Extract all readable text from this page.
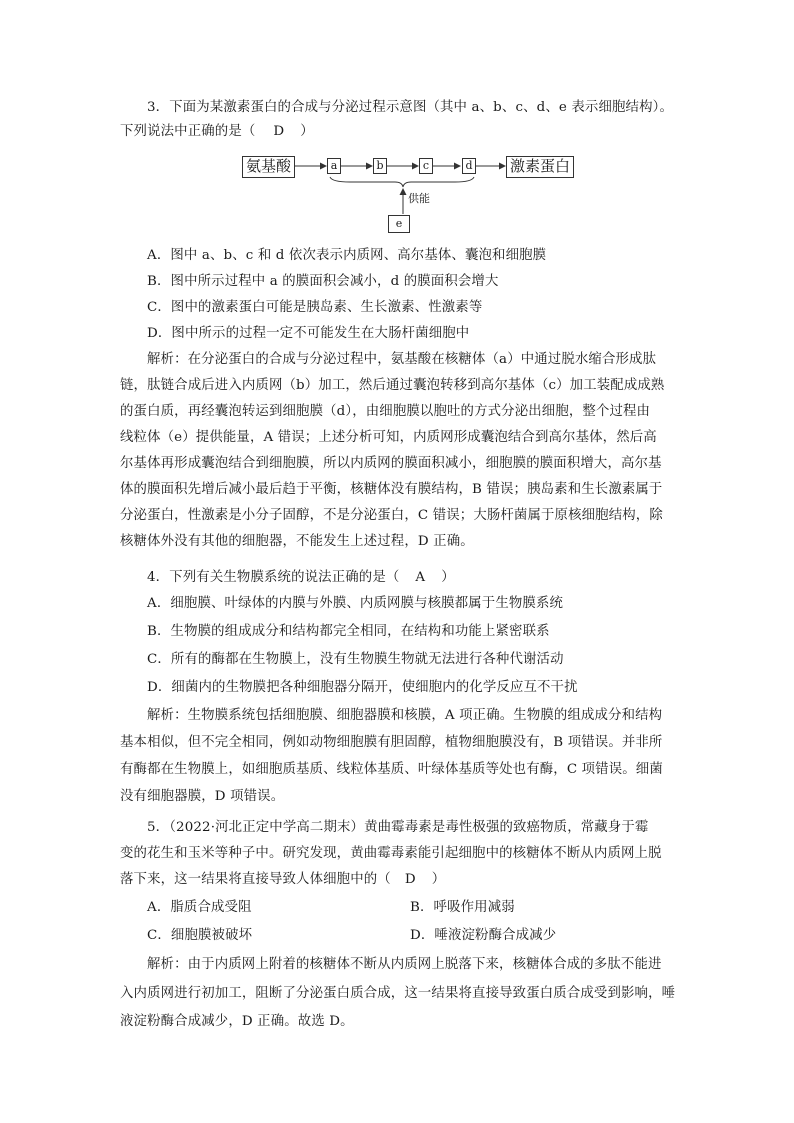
3．下面为某激素蛋白的合成与分泌过程示意图（其中 a、b、c、d、e 表示细胞结构）。
下列说法中正确的是（ D ）
氨基酸	a	b	c	d 激素蛋白
供能
e
A．图中 a、b、c 和 d 依次表示内质网、高尔基体、囊泡和细胞膜
B．图中所示过程中 a 的膜面积会减小，d 的膜面积会增大
C．图中的激素蛋白可能是胰岛素、生长激素、性激素等
D．图中所示的过程一定不可能发生在大肠杆菌细胞中
解析：在分泌蛋白的合成与分泌过程中，氨基酸在核糖体（a）中通过脱水缩合形成肽
链，肽链合成后进入内质网（b）加工，然后通过囊泡转移到高尔基体（c）加工装配成成熟
的蛋白质，再经囊泡转运到细胞膜（d），由细胞膜以胞吐的方式分泌出细胞，整个过程由
线粒体（e）提供能量，A 错误；上述分析可知，内质网形成囊泡结合到高尔基体，然后高
尔基体再形成囊泡结合到细胞膜，所以内质网的膜面积减小，细胞膜的膜面积增大，高尔基
体的膜面积先增后减小最后趋于平衡，核糖体没有膜结构，B 错误；胰岛素和生长激素属于
分泌蛋白，性激素是小分子固醇，不是分泌蛋白，C 错误；大肠杆菌属于原核细胞结构，除
核糖体外没有其他的细胞器，不能发生上述过程，D 正确。
4．下列有关生物膜系统的说法正确的是（ A ）
A．细胞膜、叶绿体的内膜与外膜、内质网膜与核膜都属于生物膜系统
B．生物膜的组成成分和结构都完全相同，在结构和功能上紧密联系
C．所有的酶都在生物膜上，没有生物膜生物就无法进行各种代谢活动
D．细菌内的生物膜把各种细胞器分隔开，使细胞内的化学反应互不干扰
解析：生物膜系统包括细胞膜、细胞器膜和核膜，A 项正确。生物膜的组成成分和结构
基本相似，但不完全相同，例如动物细胞膜有胆固醇，植物细胞膜没有，B 项错误。并非所
有酶都在生物膜上，如细胞质基质、线粒体基质、叶绿体基质等处也有酶，C 项错误。细菌
没有细胞器膜，D 项错误。
5．（2022·河北正定中学高二期末）黄曲霉毒素是毒性极强的致癌物质，常藏身于霉
变的花生和玉米等种子中。研究发现，黄曲霉毒素能引起细胞中的核糖体不断从内质网上脱
落下来，这一结果将直接导致人体细胞中的（ D ）
A．脂质合成受阻	B．呼吸作用减弱
C．细胞膜被破坏	D．唾液淀粉酶合成减少
解析：由于内质网上附着的核糖体不断从内质网上脱落下来，核糖体合成的多肽不能进
入内质网进行初加工，阻断了分泌蛋白质合成，这一结果将直接导致蛋白质合成受到影响，唾
液淀粉酶合成减少，D 正确。故选 D。
